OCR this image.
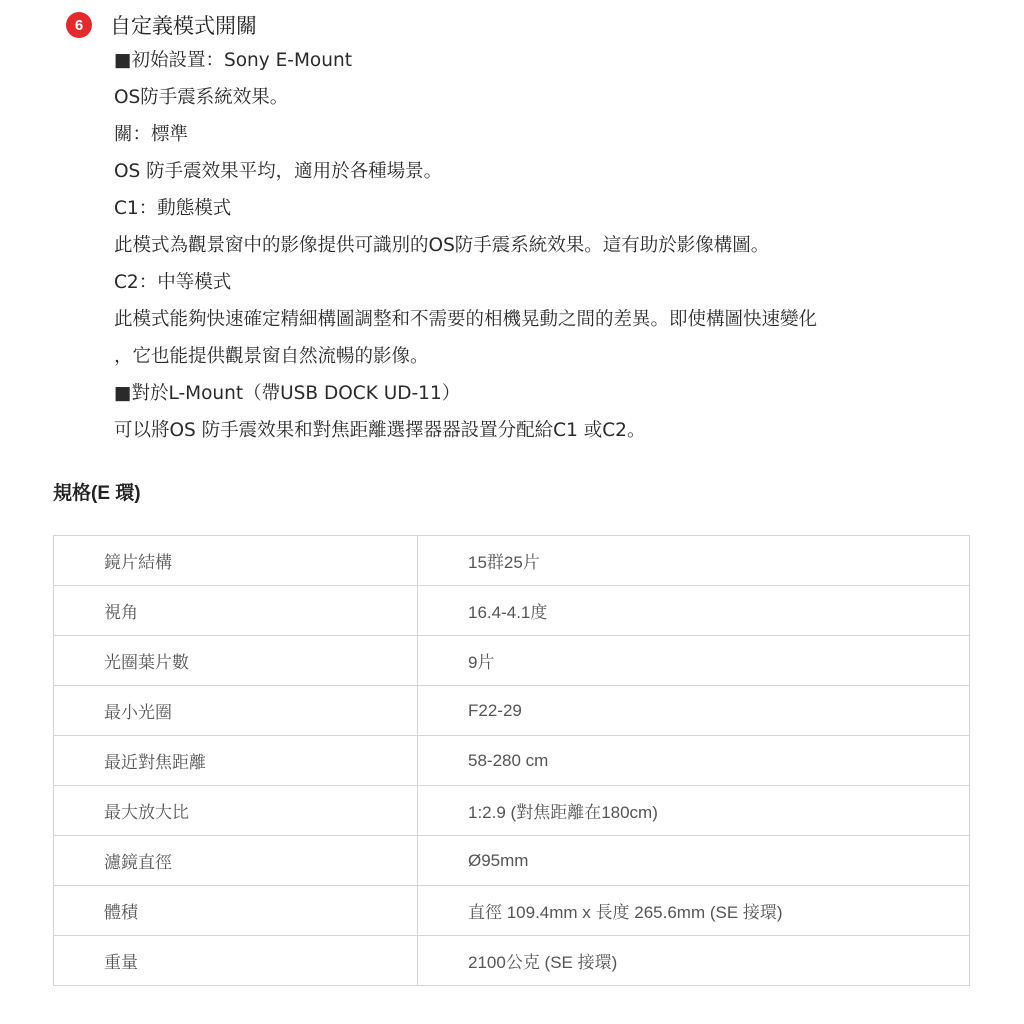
6	自定義模式開關
■初始設置：Sony E-Mount
OS防手震系統效果。
關：標準
OS 防手震效果平均，適用於各種場景。
C1：動態模式
此模式為觀景窗中的影像提供可識別的OS防手震系統效果。這有助於影像構圖。
C2：中等模式
此模式能夠快速確定精細構圖調整和不需要的相機晃動之間的差異。即使構圖快速變化
，它也能提供觀景窗自然流暢的影像。
■對於L-Mount（帶USB DOCK UD-11）
可以將OS 防手震效果和對焦距離選擇器器設置分配給C1 或C2。
規格(E 環)
鏡片結構	15群25片
視角	16.4-4.1度
光圈葉片數	9片
最小光圈	F22-29
最近對焦距離	58-280 cm
最大放大比	1:2.9 (對焦距離在180cm)
濾鏡直徑	Ø95mm
體積	直徑 109.4mm x 長度 265.6mm (SE 接環)
重量	2100公克 (SE 接環)
